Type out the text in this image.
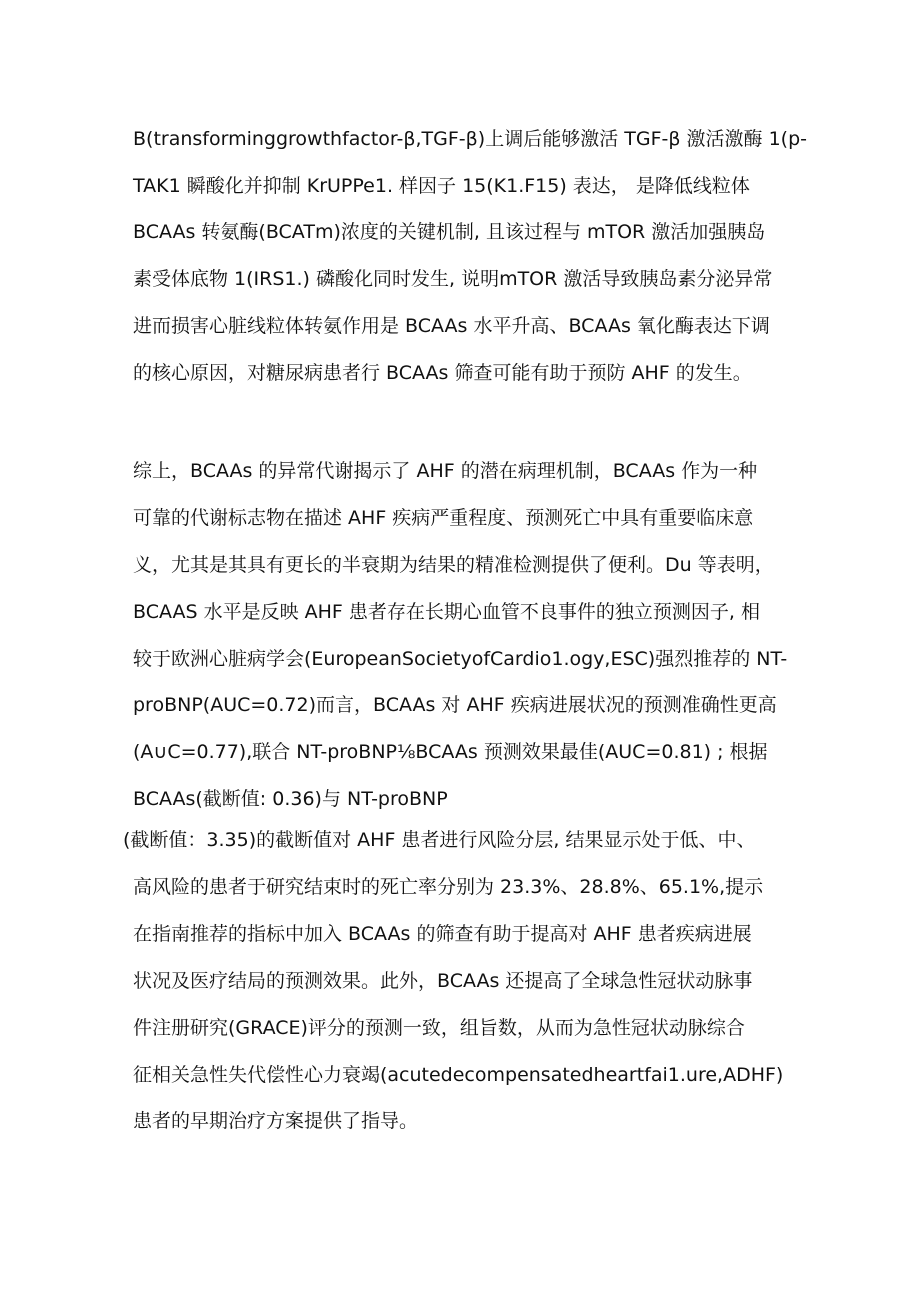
B(transforminggrowthfactor-β,TGF-β)上调后能够激活 TGF-β 激活激酶 1(p-
TAK1 瞬酸化并抑制 KrUPPe1. 样因子 15(K1.F15) 表达， 是降低线粒体
BCAAs 转氨酶(BCATm)浓度的关键机制, 且该过程与 mTOR 激活加强胰岛
素受体底物 1(IRS1.) 磷酸化同时发生, 说明mTOR 激活导致胰岛素分泌异常
进而损害心脏线粒体转氨作用是 BCAAs 水平升高、BCAAs 氧化酶表达下调
的核心原因，对糖尿病患者行 BCAAs 筛查可能有助于预防 AHF 的发生。
综上，BCAAs 的异常代谢揭示了 AHF 的潜在病理机制，BCAAs 作为一种
可靠的代谢标志物在描述 AHF 疾病严重程度、预测死亡中具有重要临床意
义，尤其是其具有更长的半衰期为结果的精准检测提供了便利。Du 等表明，
BCAAS 水平是反映 AHF 患者存在长期心血管不良事件的独立预测因子, 相
较于欧洲心脏病学会(EuropeanSocietyofCardio1.ogy,ESC)强烈推荐的 NT-
proBNP(AUC=0.72)而言，BCAAs 对 AHF 疾病进展状况的预测准确性更高
(A∪C=0.77),联合 NT-proBNP⅛BCAAs 预测效果最佳(AUC=0.81) ; 根据
BCAAs(截断值: 0.36)与 NT-proBNP
(截断值：3.35)的截断值对 AHF 患者进行风险分层, 结果显示处于低、中、
高风险的患者于研究结束时的死亡率分别为 23.3%、28.8%、65.1%,提示
在指南推荐的指标中加入 BCAAs 的筛查有助于提高对 AHF 患者疾病进展
状况及医疗结局的预测效果。此外，BCAAs 还提高了全球急性冠状动脉事
件注册研究(GRACE)评分的预测一致，组旨数，从而为急性冠状动脉综合
征相关急性失代偿性心力衰竭(acutedecompensatedheartfai1.ure,ADHF)
患者的早期治疗方案提供了指导。
